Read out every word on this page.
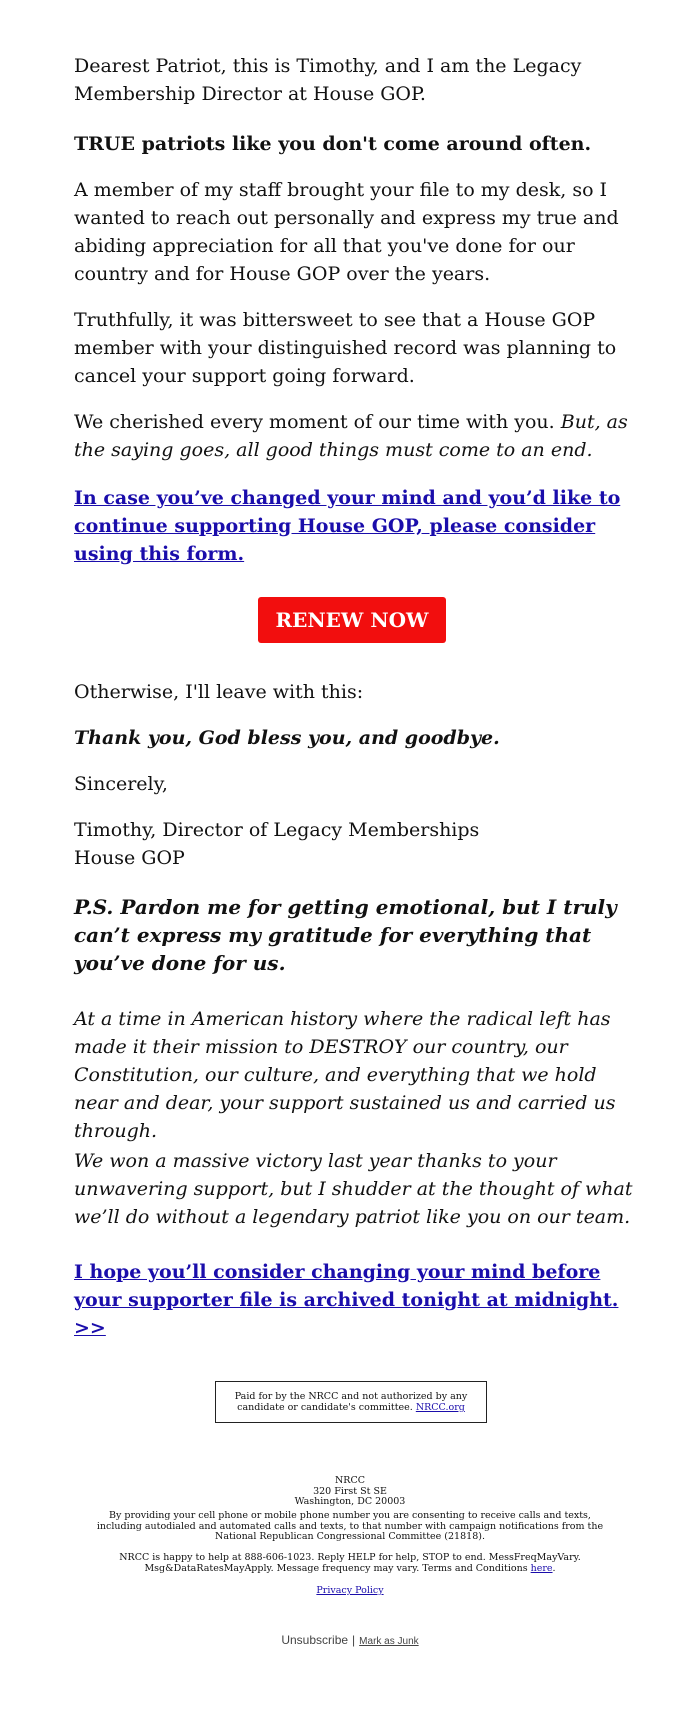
Dearest Patriot, this is Timothy, and I am the Legacy Membership Director at House GOP.

TRUE patriots like you don't come around often.

A member of my staff brought your file to my desk, so I wanted to reach out personally and express my true and abiding appreciation for all that you've done for our country and for House GOP over the years.

Truthfully, it was bittersweet to see that a House GOP member with your distinguished record was planning to cancel your support going forward.

We cherished every moment of our time with you. But, as the saying goes, all good things must come to an end.

In case you’ve changed your mind and you’d like to continue supporting House GOP, please consider using this form.

RENEW NOW

Otherwise, I'll leave with this:

Thank you, God bless you, and goodbye.

Sincerely,

Timothy, Director of Legacy Memberships
House GOP

P.S. Pardon me for getting emotional, but I truly can’t express my gratitude for everything that you’ve done for us.

At a time in American history where the radical left has made it their mission to DESTROY our country, our Constitution, our culture, and everything that we hold near and dear, your support sustained us and carried us through.

We won a massive victory last year thanks to your unwavering support, but I shudder at the thought of what we’ll do without a legendary patriot like you on our team.

I hope you’ll consider changing your mind before your supporter file is archived tonight at midnight. >>

Paid for by the NRCC and not authorized by any candidate or candidate's committee. NRCC.org
NRCC
320 First St SE
Washington, DC 20003
By providing your cell phone or mobile phone number you are consenting to receive calls and texts, including autodialed and automated calls and texts, to that number with campaign notifications from the National Republican Congressional Committee (21818).
NRCC is happy to help at 888-606-1023. Reply HELP for help, STOP to end. MessFreqMayVary. Msg&DataRatesMayApply. Message frequency may vary. Terms and Conditions here.
Privacy Policy
Unsubscribe | Mark as Junk
